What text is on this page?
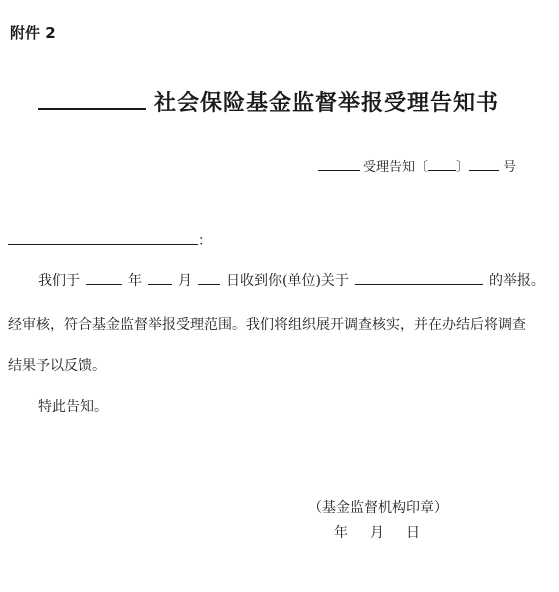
附件 2
社会保险基金监督举报受理告知书
受理告知〔 〕	号
：
我们于	年	月 日收到你(单位)关于	的举报。
经审核，符合基金监督举报受理范围。我们将组织展开调查核实，并在办结后将调查
结果予以反馈。
特此告知。
（基金监督机构印章）
年 月 日
